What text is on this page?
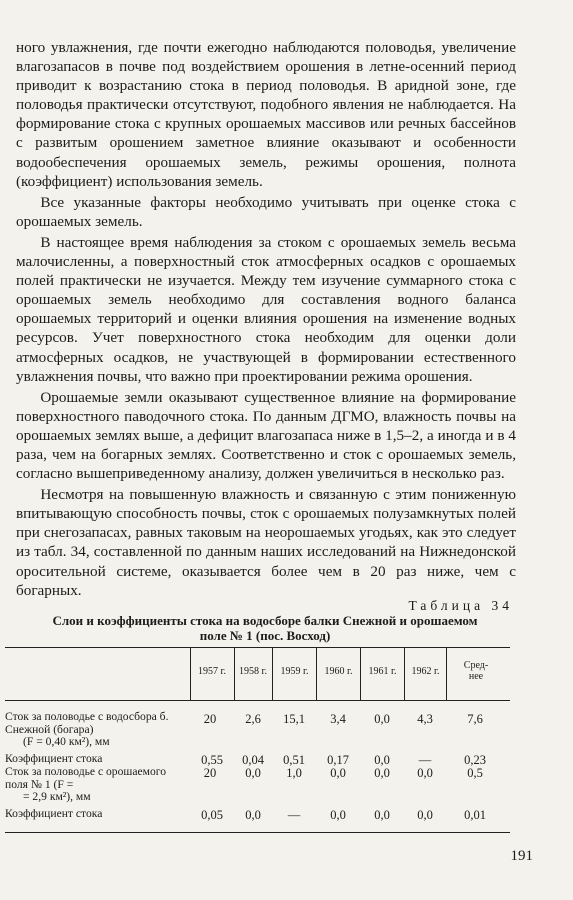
ного увлажнения, где почти ежегодно наблюдаются половодья, увеличение влагозапасов в почве под воздействием орошения в летне-осенний период приводит к возрастанию стока в период половодья. В аридной зоне, где половодья практически отсутствуют, подобного явления не наблюдается. На формирование стока с крупных орошаемых массивов или речных бассейнов с развитым орошением заметное влияние оказывают и особенности водообеспечения орошаемых земель, режимы орошения, полнота (коэффициент) использования земель.

Все указанные факторы необходимо учитывать при оценке стока с орошаемых земель.

В настоящее время наблюдения за стоком с орошаемых земель весьма малочисленны, а поверхностный сток атмосферных осадков с орошаемых полей практически не изучается. Между тем изучение суммарного стока с орошаемых земель необходимо для составления водного баланса орошаемых территорий и оценки влияния орошения на изменение водных ресурсов. Учет поверхностного стока необходим для оценки доли атмосферных осадков, не участвующей в формировании естественного увлажнения почвы, что важно при проектировании режима орошения.

Орошаемые земли оказывают существенное влияние на формирование поверхностного паводочного стока. По данным ДГМО, влажность почвы на орошаемых землях выше, а дефицит влагозапаса ниже в 1,5–2, а иногда и в 4 раза, чем на богарных землях. Соответственно и сток с орошаемых земель, согласно вышеприведенному анализу, должен увеличиться в несколько раз.

Несмотря на повышенную влажность и связанную с этим пониженную впитывающую способность почвы, сток с орошаемых полузамкнутых полей при снегозапасах, равных таковым на неорошаемых угодьях, как это следует из табл. 34, составленной по данным наших исследований на Нижнедонской оросительной системе, оказывается более чем в 20 раз ниже, чем с богарных.

Таблица 34
Слои и коэффициенты стока на водосборе балки Снежной и орошаемом
поле № 1 (пос. Восход)
1957 г.	1958 г.	1959 г.	1960 г.	1961 г.	1962 г.
Сред-
нее
Сток за половодье с водосбора б. Снежной (богара)
(F = 0,40 км²), мм
20	2,6	15,1	3,4	0,0	4,3	7,6
Коэффициент стока	0,55	0,04	0,51	0,17	0,0	—	0,23
Сток за половодье с орошаемого поля № 1 (F =
= 2,9 км²), мм
20	0,0	1,0	0,0	0,0	0,0	0,5
Коэффициент стока	0,05	0,0	—	0,0	0,0	0,0	0,01
191
